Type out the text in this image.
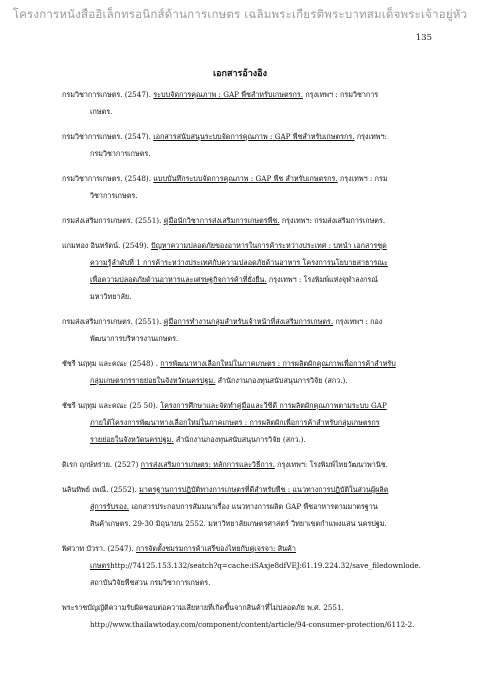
โครงการหนังสืออิเล็กทรอนิกส์ด้านการเกษตร เฉลิมพระเกียรติพระบาทสมเด็จพระเจ้าอยู่หัว
135
เอกสารอ้างอิง
กรมวิชาการเกษตร. (2547). ระบบจัดการคุณภาพ : GAP พืชสำหรับเกษตรกร. กรุงเทพฯ : กรมวิชาการ
เกษตร.
กรมวิชาการเกษตร. (2547). เอกสารสนับสนุนระบบจัดการคุณภาพ : GAP พืชสำหรับเกษตรกร. กรุงเทพฯ:
กรมวิชาการเกษตร.
กรมวิชาการเกษตร. (2548). แบบบันทึกระบบจัดการคุณภาพ : GAP พืช สำหรับเกษตรกร. กรุงเทพฯ : กรม
วิชาการเกษตร.
กรมส่งเสริมการเกษตร. (2551). คู่มือนักวิชาการส่งเสริมการเกษตรพืช. กรุงเทพฯ: กรมส่งเสริมการเกษตร.
แกมทอง อินทรัตน์. (2549). ปัญหาความปลอดภัยของอาหารในการค้าระหว่างประเทศ : บทนำ เอกสารชุด
ความรู้ลำดับที่ 1 การค้าระหว่างประเทศกับความปลอดภัยด้านอาหาร โครงการนโยบายสาธารณะ
เพื่อความปลอดภัยด้านอาหารและเศรษฐกิจการค้าที่ยั่งยืน. กรุงเทพฯ : โรงพิมพ์แห่งจุฬาลงกรณ์
มหาวิทยาลัย.
กรมส่งเสริมการเกษตร. (2551). คู่มือการทำงานกลุ่มสำหรับเจ้าหน้าที่ส่งเสริมการเกษตร. กรุงเทพฯ : กอง
พัฒนาการบริหารงานเกษตร.
ชัชรี นฤทุม และคณะ (2548) . การพัฒนาทางเลือกใหม่ในภาคเกษตร : การผลิตผักคุณภาพเพื่อการค้าสำหรับ
กลุ่มเกษตรกรรายย่อยในจังหวัดนครปฐม. สำนักงานกองทุนสนับสนุนการวิจัย (สกว.).
ชัชรี นฤทุม และคณะ (25 50). โครงการศึกษาและจัดทำคู่มือและวีซีดี การผลิตผักคุณภาพตามระบบ GAP
ภายใต้โครงการพัฒนาทางเลือกใหม่ในภาคเกษตร : การผลิตผักเพื่อการค้าสำหรับกลุ่มเกษตรกร
รายย่อยในจังหวัดนครปฐม. สำนักงานกองทุนสนับสนุนการวิจัย (สกว.).
ดิเรก ฤกษ์หร่าย. (2527) การส่งเสริมการเกษตร: หลักการและวิธีการ. กรุงเทพฯ: โรงพิมพ์ไทยวัฒนาพานิช.
นลินทิพย์ เพณี. (2552). มาตรฐานการปฏิบัติทางการเกษตรที่ดีสำหรับพืช : แนวทางการปฏิบัติในส่วนผู้ผลิต
สู่การรับรอง. เอกสารประกอบการสัมมนาเรื่อง แนวทางการผลิต GAP พืชอาหารตามมาตรฐาน
สินค้าเกษตร. 29-30 มิถุนายน 2552. มหาวิทยาลัยเกษตรศาสตร์ วิทยาเขตกำแพงแสน นครปฐม.
พิศวาท บัวรา. (2547). การจัดตั้งชมรมการค้าเสรีของไทยกับคู่เจรจา: สินค้า
เกษตรhttp://74125.153.132/seatch?q=cache:iSAxje8dfVEJ:61.19.224.32/save_filedownlode.
สถาบันวิจัยพืชสวน กรมวิชาการเกษตร.
พระราชบัญญัติความรับผิดชอบต่อความเสียหายที่เกิดขึ้นจากสินค้าที่ไม่ปลอดภัย พ.ศ. 2551.
http://www.thailawtoday.com/component/content/article/94-consumer-protection/6112-2.
